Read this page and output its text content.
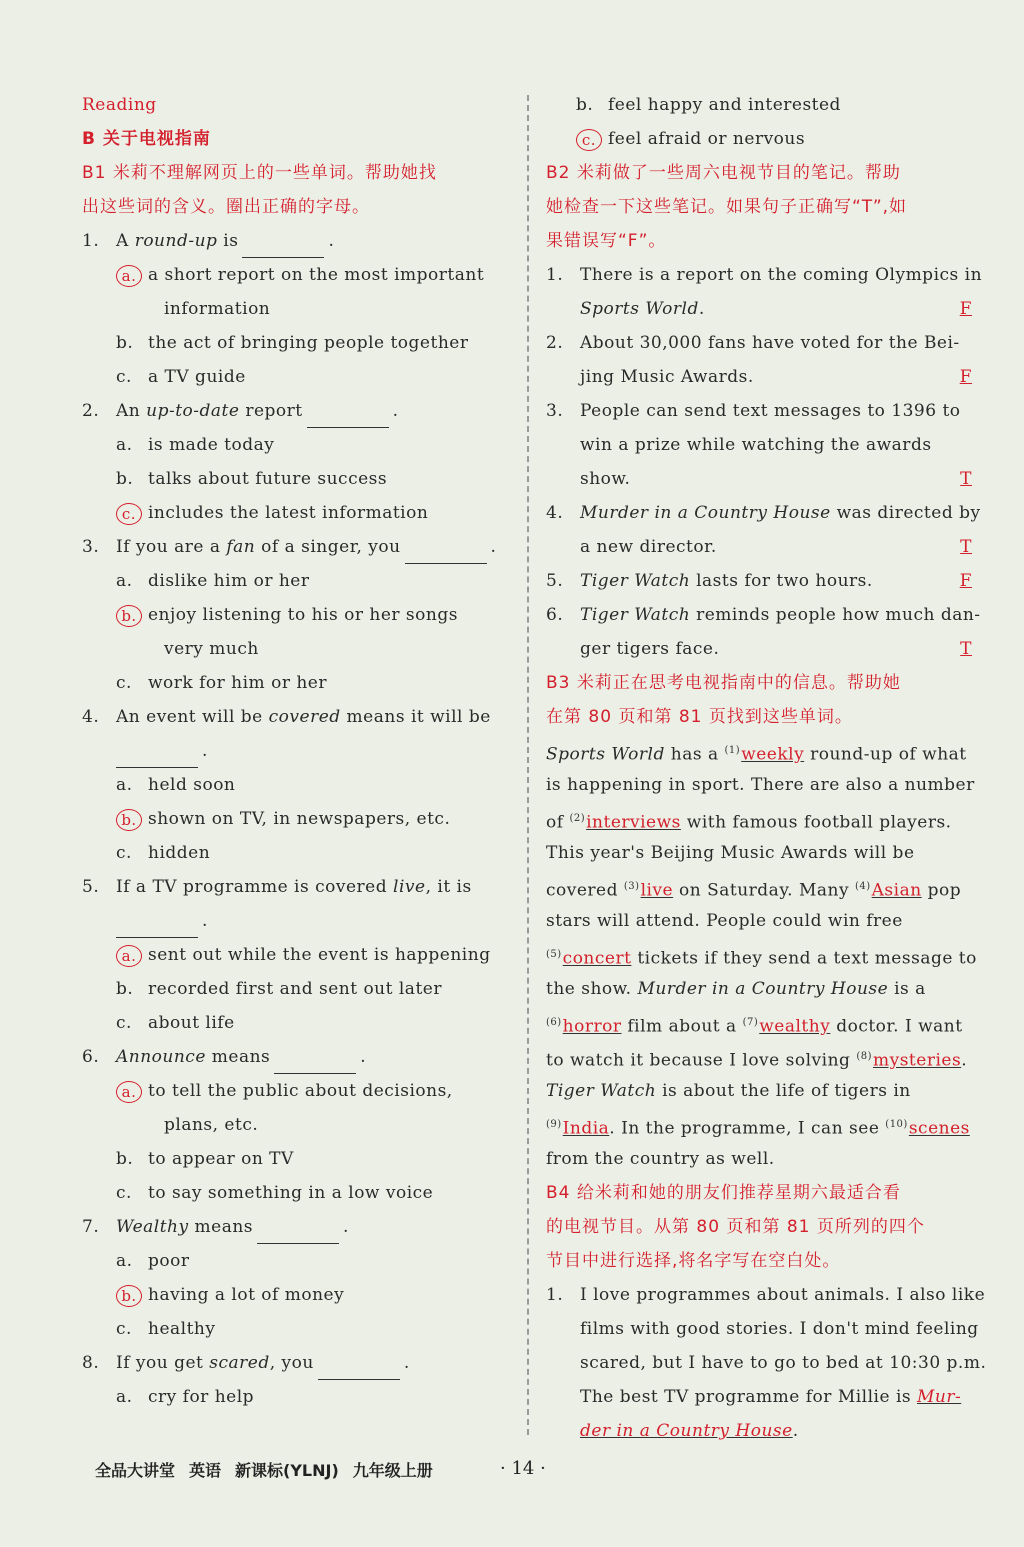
Reading
B 关于电视指南
B1 米莉不理解网页上的一些单词。帮助她找
出这些词的含义。圈出正确的字母。
1. A round-up is	.
a. a short report on the most important
information
b. the act of bringing people together
c. a TV guide
2. An up-to-date report	.
a. is made today
b. talks about future success
c. includes the latest information
3. If you are a fan of a singer, you	.
a. dislike him or her
b. enjoy listening to his or her songs
very much
c. work for him or her
4. An event will be covered means it will be
.
a. held soon
b. shown on TV, in newspapers, etc.
c. hidden
5. If a TV programme is covered live, it is
.
a. sent out while the event is happening
b. recorded first and sent out later
c. about life
6. Announce means	.
a. to tell the public about decisions,
plans, etc.
b. to appear on TV
c. to say something in a low voice
7. Wealthy means	.
a. poor
b. having a lot of money
c. healthy
8. If you get scared, you	.
a. cry for help
b. feel happy and interested
c. feel afraid or nervous
B2 米莉做了一些周六电视节目的笔记。帮助
她检查一下这些笔记。如果句子正确写“T”,如
果错误写“F”。
1. There is a report on the coming Olympics in
Sports World.	F
2. About 30,000 fans have voted for the Bei-
jing Music Awards.	F
3. People can send text messages to 1396 to
win a prize while watching the awards
show.	T
4. Murder in a Country House was directed by
a new director.	T
5. Tiger Watch lasts for two hours.	F
6. Tiger Watch reminds people how much dan-
ger tigers face.	T
B3 米莉正在思考电视指南中的信息。帮助她
在第 80 页和第 81 页找到这些单词。
Sports World has a $^{(1)}$weekly round-up of what
is happening in sport. There are also a number
of $^{(2)}$interviews with famous football players.
This year's Beijing Music Awards will be
covered $^{(3)}$live on Saturday. Many $^{(4)}$Asian pop
stars will attend. People could win free
$^{(5)}$concert tickets if they send a text message to
the show. Murder in a Country House is a
$^{(6)}$horror film about a $^{(7)}$wealthy doctor. I want
to watch it because I love solving $^{(8)}$mysteries.
Tiger Watch is about the life of tigers in
$^{(9)}$India. In the programme, I can see $^{(10)}$scenes
from the country as well.
B4 给米莉和她的朋友们推荐星期六最适合看
的电视节目。从第 80 页和第 81 页所列的四个
节目中进行选择,将名字写在空白处。
1. I love programmes about animals. I also like
films with good stories. I don't mind feeling
scared, but I have to go to bed at 10:30 p.m.
The best TV programme for Millie is Mur-
der in a Country House.
全品大讲堂 英语 新课标(YLNJ) 九年级上册	· 14 ·
